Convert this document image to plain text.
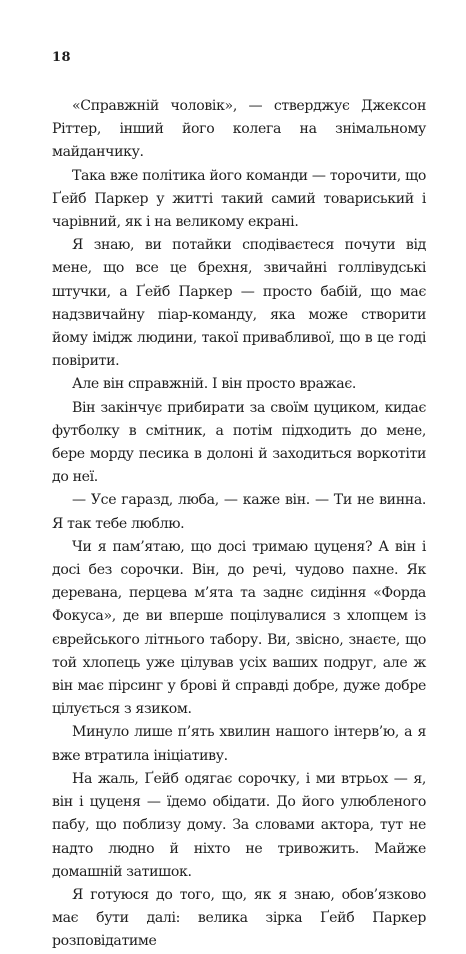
18

«Справжній чоловік», — стверджує Джексон Ріттер, інший його колега на знімальному майданчику.

Така вже політика його команди — торочити, що Ґейб Паркер у житті такий самий товариський і чарівний, як і на великому екрані.

Я знаю, ви потайки сподіваєтеся почути від мене, що все це брехня, звичайні голлівудські штучки, а Ґейб Паркер — просто бабій, що має надзвичайну піар-команду, яка може створити йому імідж людини, такої привабливої, що в це годі повірити.

Але він справжній. І він просто вражає.

Він закінчує прибирати за своїм цуциком, кидає футболку в смітник, а потім підходить до мене, бере морду песика в долоні й заходиться воркотіти до неї.

— Усе гаразд, люба, — каже він. — Ти не винна. Я так тебе люблю.

Чи я пам’ятаю, що досі тримаю цуценя? А він і досі без сорочки. Він, до речі, чудово пахне. Як деревана, перцева м’ята та заднє сидіння «Форда Фокуса», де ви вперше поцілувалися з хлопцем із єврейського літнього табору. Ви, звісно, знаєте, що той хлопець уже цілував усіх ваших подруг, але ж він має пірсинг у брові й справді добре, дуже добре цілується з язиком.

Минуло лише п’ять хвилин нашого інтерв’ю, а я вже втратила ініціативу.

На жаль, Ґейб одягає сорочку, і ми втрьох — я, він і цуценя — їдемо обідати. До його улюбленого пабу, що поблизу дому. За словами актора, тут не надто людно й ніхто не тривожить. Майже домашній затишок.

Я готуюся до того, що, як я знаю, обов’язково має бути далі: велика зірка Ґейб Паркер розповідатиме
